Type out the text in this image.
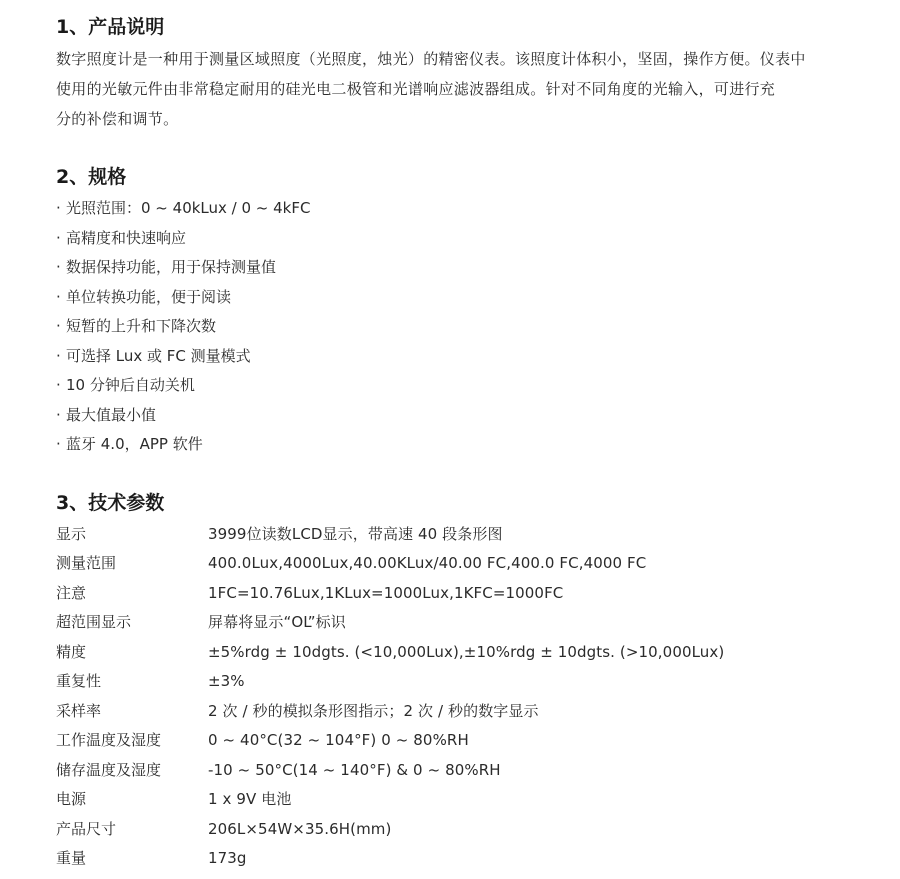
1、产品说明

数字照度计是一种用于测量区域照度（光照度，烛光）的精密仪表。该照度计体积小，坚固，操作方便。仪表中
使用的光敏元件由非常稳定耐用的硅光电二极管和光谱响应滤波器组成。针对不同角度的光输入，可进行充
分的补偿和调节。

2、规格
· 光照范围：0 ~ 40kLux / 0 ~ 4kFC
· 高精度和快速响应
· 数据保持功能，用于保持测量值
· 单位转换功能，便于阅读
· 短暂的上升和下降次数
· 可选择 Lux 或 FC 测量模式
· 10 分钟后自动关机
· 最大值最小值
· 蓝牙 4.0，APP 软件
3、技术参数
显示	3999位读数LCD显示，带高速 40 段条形图
测量范围	400.0Lux,4000Lux,40.00KLux/40.00 FC,400.0 FC,4000 FC
注意	1FC=10.76Lux,1KLux=1000Lux,1KFC=1000FC
超范围显示	屏幕将显示“OL”标识
精度	±5%rdg ± 10dgts. (<10,000Lux),±10%rdg ± 10dgts. (>10,000Lux)
重复性	±3%
采样率	2 次 / 秒的模拟条形图指示；2 次 / 秒的数字显示
工作温度及湿度	0 ~ 40°C(32 ~ 104°F) 0 ~ 80%RH
储存温度及湿度	-10 ~ 50°C(14 ~ 140°F) & 0 ~ 80%RH
电源	1 x 9V 电池
产品尺寸	206L×54W×35.6H(mm)
重量	173g
